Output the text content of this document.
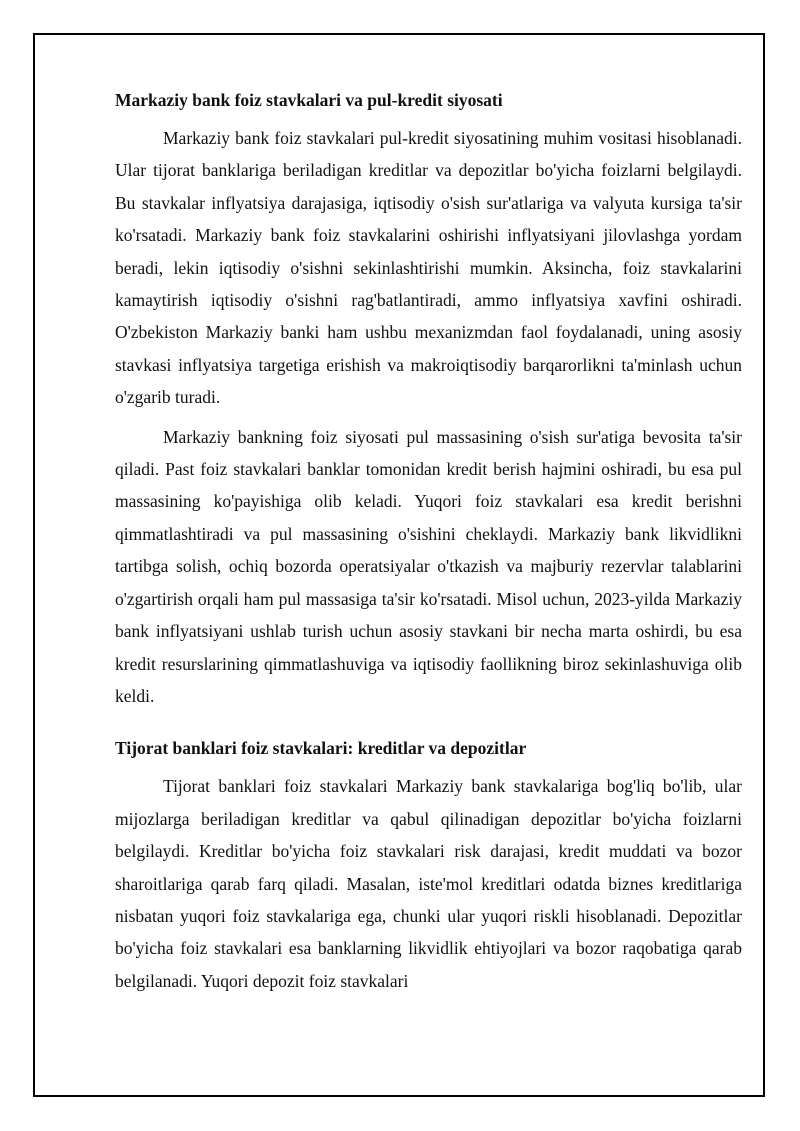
Markaziy bank foiz stavkalari va pul-kredit siyosati

Markaziy bank foiz stavkalari pul-kredit siyosatining muhim vositasi hisoblanadi. Ular tijorat banklariga beriladigan kreditlar va depozitlar bo'yicha foizlarni belgilaydi. Bu stavkalar inflyatsiya darajasiga, iqtisodiy o'sish sur'atlariga va valyuta kursiga ta'sir ko'rsatadi. Markaziy bank foiz stavkalarini oshirishi inflyatsiyani jilovlashga yordam beradi, lekin iqtisodiy o'sishni sekinlashtirishi mumkin. Aksincha, foiz stavkalarini kamaytirish iqtisodiy o'sishni rag'batlantiradi, ammo inflyatsiya xavfini oshiradi. O'zbekiston Markaziy banki ham ushbu mexanizmdan faol foydalanadi, uning asosiy stavkasi inflyatsiya targetiga erishish va makroiqtisodiy barqarorlikni ta'minlash uchun o'zgarib turadi.

Markaziy bankning foiz siyosati pul massasining o'sish sur'atiga bevosita ta'sir qiladi. Past foiz stavkalari banklar tomonidan kredit berish hajmini oshiradi, bu esa pul massasining ko'payishiga olib keladi. Yuqori foiz stavkalari esa kredit berishni qimmatlashtiradi va pul massasining o'sishini cheklaydi. Markaziy bank likvidlikni tartibga solish, ochiq bozorda operatsiyalar o'tkazish va majburiy rezervlar talablarini o'zgartirish orqali ham pul massasiga ta'sir ko'rsatadi. Misol uchun, 2023-yilda Markaziy bank inflyatsiyani ushlab turish uchun asosiy stavkani bir necha marta oshirdi, bu esa kredit resurslarining qimmatlashuviga va iqtisodiy faollikning biroz sekinlashuviga olib keldi.

Tijorat banklari foiz stavkalari: kreditlar va depozitlar

Tijorat banklari foiz stavkalari Markaziy bank stavkalariga bog'liq bo'lib, ular mijozlarga beriladigan kreditlar va qabul qilinadigan depozitlar bo'yicha foizlarni belgilaydi. Kreditlar bo'yicha foiz stavkalari risk darajasi, kredit muddati va bozor sharoitlariga qarab farq qiladi. Masalan, iste'mol kreditlari odatda biznes kreditlariga nisbatan yuqori foiz stavkalariga ega, chunki ular yuqori riskli hisoblanadi. Depozitlar bo'yicha foiz stavkalari esa banklarning likvidlik ehtiyojlari va bozor raqobatiga qarab belgilanadi. Yuqori depozit foiz stavkalari
